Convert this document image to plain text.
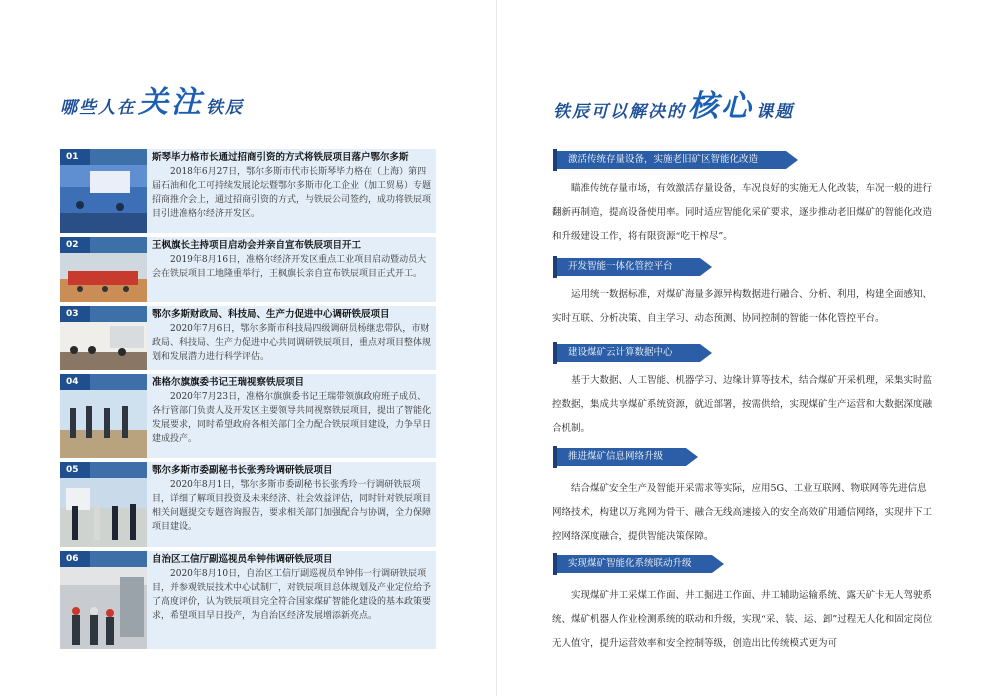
哪些人在 关注 铁辰
01	斯琴毕力格市长通过招商引资的方式将铁辰项目落户鄂尔多斯
2018年6月27日，鄂尔多斯市代市长斯琴毕力格在（上海）第四届石油和化工可持续发展论坛暨鄂尔多斯市化工企业（加工贸易）专题招商推介会上，通过招商引资的方式，与铁辰公司签约，成功将铁辰项目引进准格尔经济开发区。
02	王枫旗长主持项目启动会并亲自宣布铁辰项目开工
2019年8月16日，准格尔经济开发区重点工业项目启动暨动员大会在铁辰项目工地隆重举行，王枫旗长亲自宣布铁辰项目正式开工。
03	鄂尔多斯财政局、科技局、生产力促进中心调研铁辰项目
2020年7月6日，鄂尔多斯市科技局四级调研员杨继忠带队，市财政局、科技局、生产力促进中心共同调研铁辰项目，重点对项目整体规划和发展潜力进行科学评估。
04	准格尔旗旗委书记王瑞视察铁辰项目
2020年7月23日，准格尔旗旗委书记王瑞带领旗政府班子成员、各行管部门负责人及开发区主要领导共同视察铁辰项目，提出了智能化发展要求，同时希望政府各相关部门全力配合铁辰项目建设，力争早日建成投产。
05	鄂尔多斯市委副秘书长张秀玲调研铁辰项目
2020年8月1日，鄂尔多斯市委副秘书长张秀玲一行调研铁辰项目，详细了解项目投资及未来经济、社会效益评估，同时针对铁辰项目相关问题提交专题咨询报告，要求相关部门加强配合与协调，全力保障项目建设。
06	自治区工信厅副巡视员牟钟伟调研铁辰项目
2020年8月10日，自治区工信厅副巡视员牟钟伟一行调研铁辰项目，并参观铁辰技术中心试制厂，对铁辰项目总体规划及产业定位给予了高度评价，认为铁辰项目完全符合国家煤矿智能化建设的基本政策要求，希望项目早日投产，为自治区经济发展增添新亮点。
铁辰可以解决的 核心 课题
激活传统存量设备，实施老旧矿区智能化改造
瞄准传统存量市场，有效激活存量设备，车况良好的实施无人化改装，车况一般的进行翻新再制造，提高设备使用率。同时适应智能化采矿要求，逐步推动老旧煤矿的智能化改造和升级建设工作，将有限资源“吃干榨尽”。
开发智能一体化管控平台
运用统一数据标准，对煤矿海量多源异构数据进行融合、分析、利用，构建全面感知、实时互联、分析决策、自主学习、动态预测、协同控制的智能一体化管控平台。
建设煤矿云计算数据中心
基于大数据、人工智能、机器学习、边缘计算等技术，结合煤矿开采机理，采集实时监控数据，集成共享煤矿系统资源，就近部署，按需供给，实现煤矿生产运营和大数据深度融合机制。
推进煤矿信息网络升级
结合煤矿安全生产及智能开采需求等实际，应用5G、工业互联网、物联网等先进信息网络技术，构建以万兆网为骨干、融合无线高速接入的安全高效矿用通信网络，实现井下工控网络深度融合，提供智能决策保障。
实现煤矿智能化系统联动升级
实现煤矿井工采煤工作面、井工掘进工作面、井工辅助运输系统、露天矿卡无人驾驶系统、煤矿机器人作业检测系统的联动和升级，实现“采、装、运、卸”过程无人化和固定岗位无人值守，提升运营效率和安全控制等级，创造出比传统模式更为可
